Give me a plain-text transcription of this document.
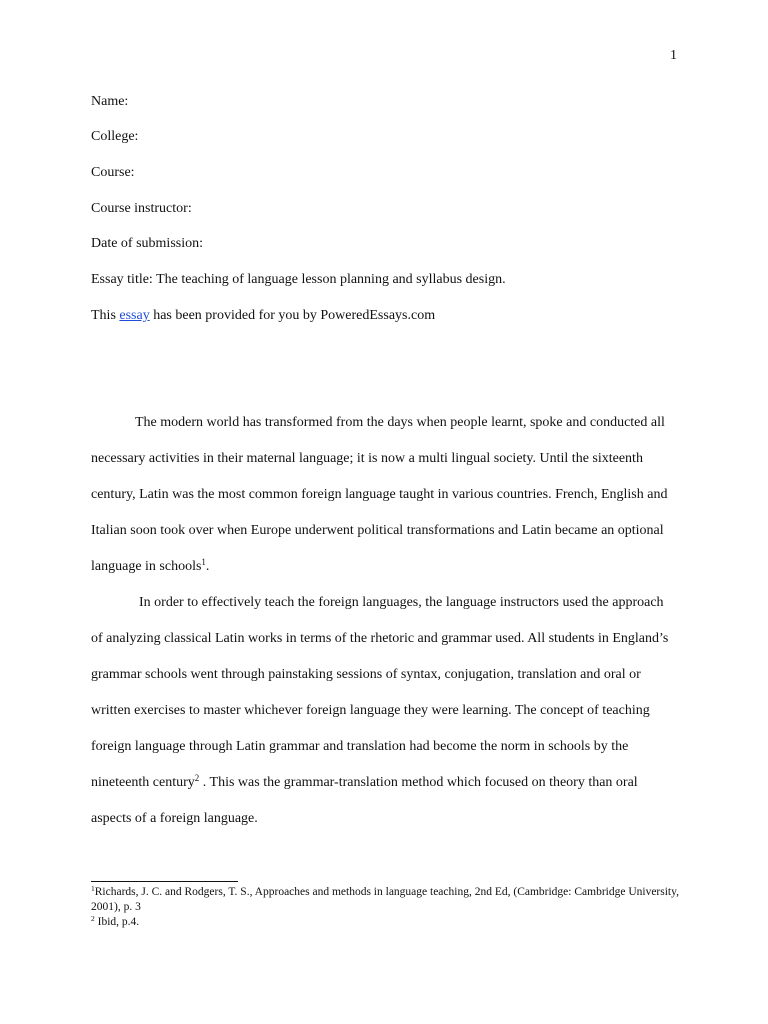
1
Name:
College:
Course:
Course instructor:
Date of submission:
Essay title: The teaching of language lesson planning and syllabus design.
This essay has been provided for you by PoweredEssays.com

The modern world has transformed from the days when people learnt, spoke and conducted all necessary activities in their maternal language; it is now a multi lingual society. Until the sixteenth century, Latin was the most common foreign language taught in various countries. French, English and Italian soon took over when Europe underwent political transformations and Latin became an optional language in schools$^1$.

In order to effectively teach the foreign languages, the language instructors used the approach of analyzing classical Latin works in terms of the rhetoric and grammar used. All students in England’s grammar schools went through painstaking sessions of syntax, conjugation, translation and oral or written exercises to master whichever foreign language they were learning. The concept of teaching foreign language through Latin grammar and translation had become the norm in schools by the nineteenth century$^2$ . This was the grammar-translation method which focused on theory than oral aspects of a foreign language.

$^1$Richards, J. C. and Rodgers, T. S., Approaches and methods in language teaching, 2nd Ed, (Cambridge: Cambridge University, 2001), p. 3
$^2$ Ibid, p.4.
